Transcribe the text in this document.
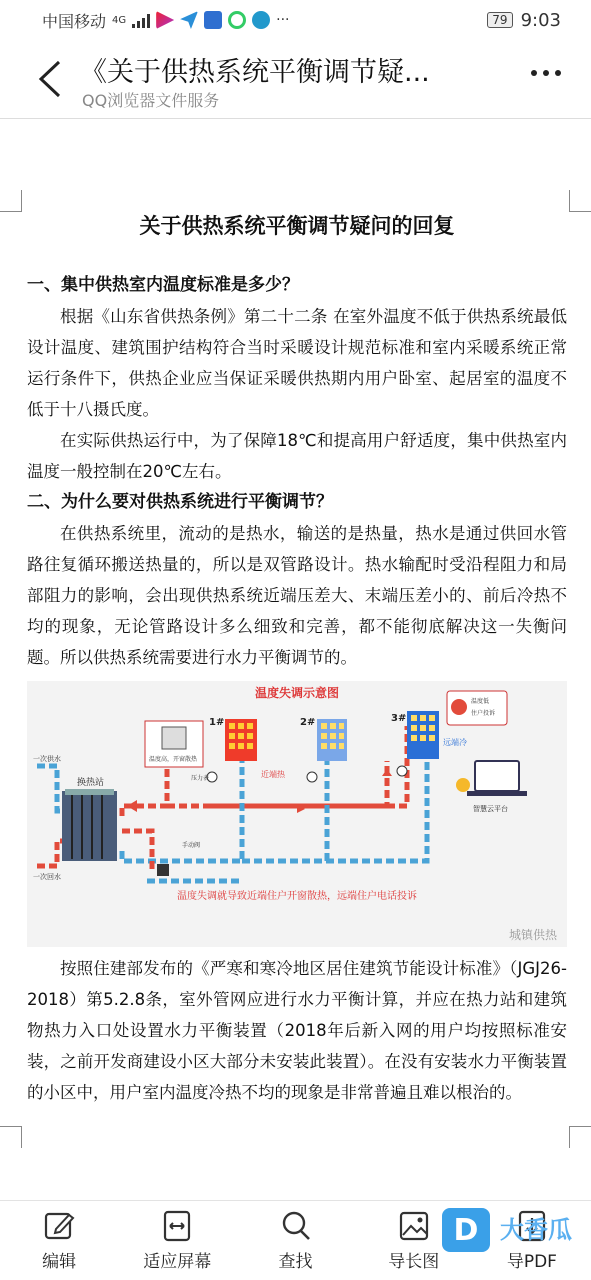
中国移动 4G	···	79 9:03
《关于供热系统平衡调节疑...
QQ浏览器文件服务
关于供热系统平衡调节疑问的回复
一、集中供热室内温度标准是多少？
根据《山东省供热条例》第二十二条 在室外温度不低于供热系统最低设计温度、建筑围护结构符合当时采暖设计规范标准和室内采暖系统正常运行条件下，供热企业应当保证采暖供热期内用户卧室、起居室的温度不低于十八摄氏度。
在实际供热运行中，为了保障18℃和提高用户舒适度，集中供热室内温度一般控制在20℃左右。
二、为什么要对供热系统进行平衡调节？
在供热系统里，流动的是热水，输送的是热量，热水是通过供回水管路往复循环搬送热量的，所以是双管路设计。热水输配时受沿程阻力和局部阻力的影响，会出现供热系统近端压差大、末端压差小的、前后冷热不均的现象，无论管路设计多么细致和完善，都不能彻底解决这一失衡问题。所以供热系统需要进行水力平衡调节的。
温度失调示意图
换热站
一次供水
一次回水
1#
近端热
2#	3#
远端冷
温度高，开窗散热
温度低
住户投诉
智慧云平台
压力表
手动阀
温度失调就导致近端住户开窗散热，远端住户电话投诉
城镇供热
按照住建部发布的《严寒和寒冷地区居住建筑节能设计标准》（JGJ26-2018）第5.2.8条，室外管网应进行水力平衡计算，并应在热力站和建筑物热力入口处设置水力平衡装置（2018年后新入网的用户均按照标准安装，之前开发商建设小区大部分未安装此装置）。在没有安装水力平衡装置的小区中，用户室内温度冷热不均的现象是非常普遍且难以根治的。
编辑	适应屏幕	查找	导长图	导PDF
D 大香瓜
